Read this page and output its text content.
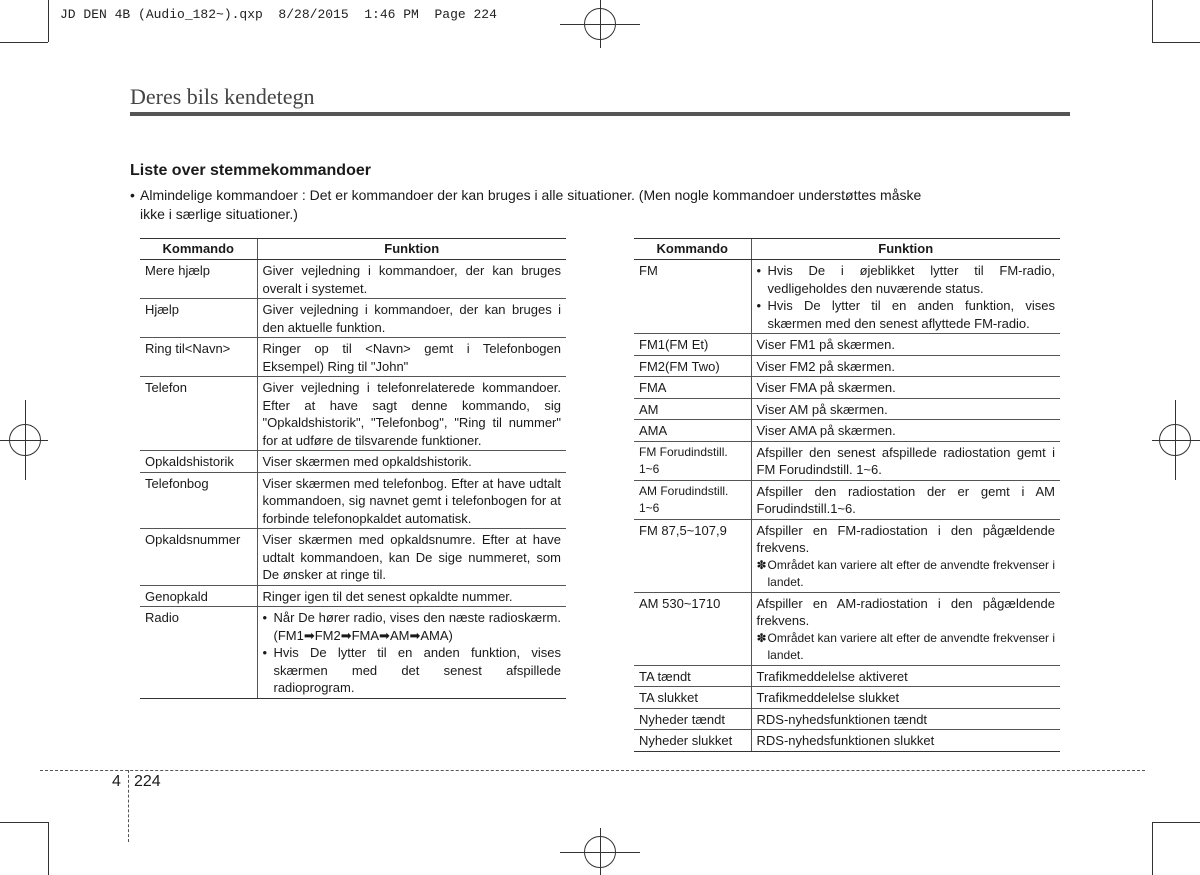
JD DEN 4B (Audio_182~).qxp  8/28/2015  1:46 PM  Page 224
Deres bils kendetegn
Liste over stemmekommandoer
• Almindelige kommandoer : Det er kommandoer der kan bruges i alle situationer. (Men nogle kommandoer understøttes måske
ikke i særlige situationer.)
Kommando	Funktion
Mere hjælp	Giver vejledning i kommandoer, der kan bruges overalt i systemet.

Hjælp	Giver vejledning i kommandoer, der kan bruges i den aktuelle funktion.

Ring til<Navn>	Ringer op til <Navn> gemt i Telefonbogen Eksempel) Ring til "John"

Telefon	Giver vejledning i telefonrelaterede kommandoer. Efter at have sagt denne kommando, sig "Opkaldshistorik", "Telefonbog", "Ring til nummer" for at udføre de tilsvarende funktioner.

Opkaldshistorik	Viser skærmen med opkaldshistorik.

Telefonbog	Viser skærmen med telefonbog. Efter at have udtalt kommandoen, sig navnet gemt i telefonbogen for at forbinde telefonopkaldet automatisk.

Opkaldsnummer	Viser skærmen med opkaldsnumre. Efter at have udtalt kommandoen, kan De sige nummeret, som De ønsker at ringe til.

Genopkald	Ringer igen til det senest opkaldte nummer.

Radio	• Når De hører radio, vises den næste radioskærm. (FM1➡FM2➡FMA➡AM➡AMA)
• Hvis De lytter til en anden funktion, vises skærmen med det senest afspillede radioprogram.
Kommando	Funktion
FM	• Hvis De i øjeblikket lytter til FM-radio, vedligeholdes den nuværende status.
• Hvis De lytter til en anden funktion, vises skærmen med den senest aflyttede FM-radio.

FM1(FM Et)	Viser FM1 på skærmen.

FM2(FM Two)	Viser FM2 på skærmen.

FMA	Viser FMA på skærmen.

AM	Viser AM på skærmen.

AMA	Viser AMA på skærmen.

FM Forudindstill. 1~6	Afspiller den senest afspillede radiostation gemt i FM Forudindstill. 1~6.

AM Forudindstill. 1~6	Afspiller den radiostation der er gemt i AM Forudindstill.1~6.

FM 87,5~107,9	Afspiller en FM-radiostation i den pågældende frekvens.
✽ Området kan variere alt efter de anvendte frekvenser i landet.

AM 530~1710	Afspiller en AM-radiostation i den pågældende frekvens.
✽ Området kan variere alt efter de anvendte frekvenser i landet.

TA tændt	Trafikmeddelelse aktiveret

TA slukket	Trafikmeddelelse slukket

Nyheder tændt	RDS-nyhedsfunktionen tændt

Nyheder slukket	RDS-nyhedsfunktionen slukket
4 224
